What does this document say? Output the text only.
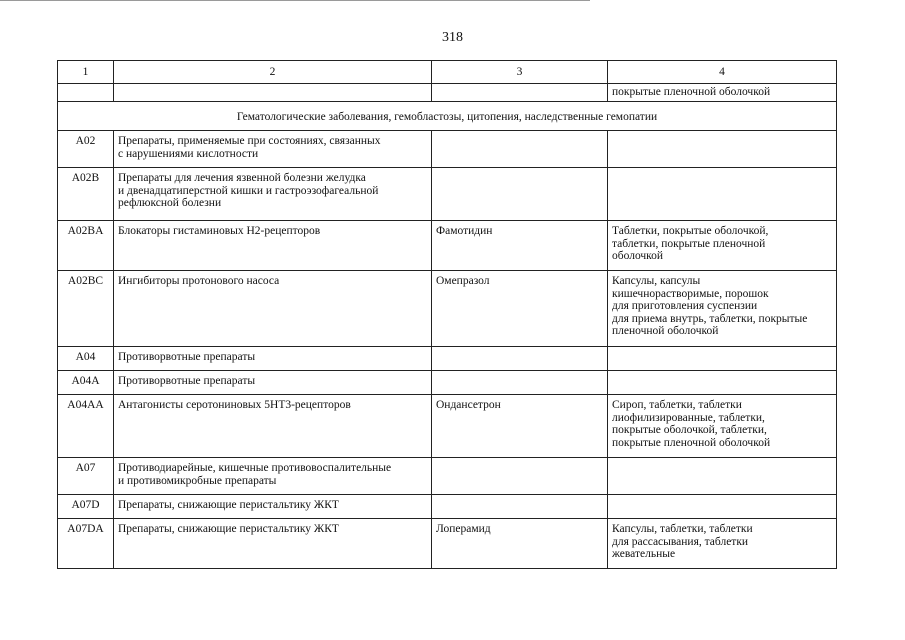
318
1	2	3	4
			покрытые пленочной оболочкой
Гематологические заболевания, гемобластозы, цитопения, наследственные гемопатии			
A02	Препараты, применяемые при состояниях, связанных
с нарушениями кислотности		
A02B	Препараты для лечения язвенной болезни желудка
и двенадцатиперстной кишки и гастроэзофагеальной
рефлюксной болезни		
A02BA	Блокаторы гистаминовых Н2-рецепторов	Фамотидин	Таблетки, покрытые оболочкой,
таблетки, покрытые пленочной
оболочкой
A02BC	Ингибиторы протонового насоса	Омепразол	Капсулы, капсулы
кишечнорастворимые, порошок
для приготовления суспензии
для приема внутрь, таблетки, покрытые
пленочной оболочкой
A04	Противорвотные препараты		
A04A	Противорвотные препараты		
A04AA	Антагонисты серотониновых 5НТ3-рецепторов	Ондансетрон	Сироп, таблетки, таблетки
лиофилизированные, таблетки,
покрытые оболочкой, таблетки,
покрытые пленочной оболочкой
A07	Противодиарейные, кишечные противовоспалительные
и противомикробные препараты		
A07D	Препараты, снижающие перистальтику ЖКТ		
A07DA	Препараты, снижающие перистальтику ЖКТ	Лоперамид	Капсулы, таблетки, таблетки
для рассасывания, таблетки
жевательные
